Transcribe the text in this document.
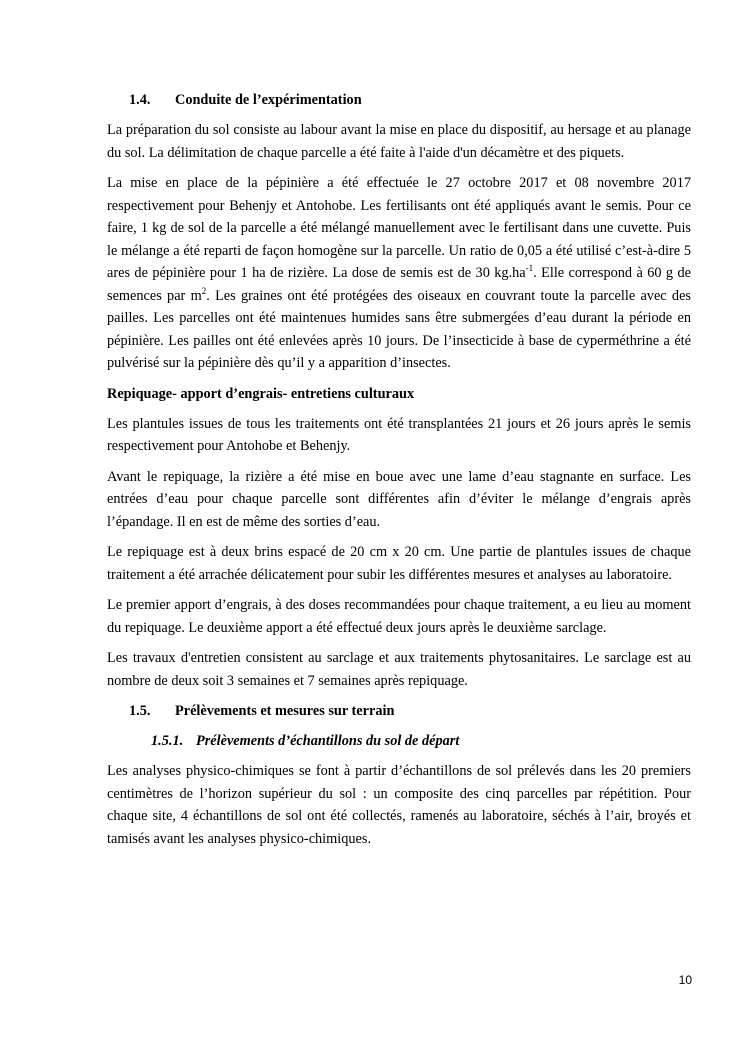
1.4. Conduite de l’expérimentation

La préparation du sol consiste au labour avant la mise en place du dispositif, au hersage et au planage du sol. La délimitation de chaque parcelle a été faite à l'aide d'un décamètre et des piquets.

La mise en place de la pépinière a été effectuée le 27 octobre 2017 et 08 novembre 2017 respectivement pour Behenjy et Antohobe. Les fertilisants ont été appliqués avant le semis. Pour ce faire, 1 kg de sol de la parcelle a été mélangé manuellement avec le fertilisant dans une cuvette. Puis le mélange a été reparti de façon homogène sur la parcelle. Un ratio de 0,05 a été utilisé c’est-à-dire 5 ares de pépinière pour 1 ha de rizière. La dose de semis est de 30 $kg.ha^{-1}$. Elle correspond à 60 g de semences par $m^2$. Les graines ont été protégées des oiseaux en couvrant toute la parcelle avec des pailles. Les parcelles ont été maintenues humides sans être submergées d’eau durant la période en pépinière. Les pailles ont été enlevées après 10 jours. De l’insecticide à base de cyperméthrine a été pulvérisé sur la pépinière dès qu’il y a apparition d’insectes.

Repiquage- apport d’engrais- entretiens culturaux

Les plantules issues de tous les traitements ont été transplantées 21 jours et 26 jours après le semis respectivement pour Antohobe et Behenjy.

Avant le repiquage, la rizière a été mise en boue avec une lame d’eau stagnante en surface. Les entrées d’eau pour chaque parcelle sont différentes afin d’éviter le mélange d’engrais après l’épandage. Il en est de même des sorties d’eau.

Le repiquage est à deux brins espacé de 20 cm x 20 cm. Une partie de plantules issues de chaque traitement a été arrachée délicatement pour subir les différentes mesures et analyses au laboratoire.

Le premier apport d’engrais, à des doses recommandées pour chaque traitement, a eu lieu au moment du repiquage. Le deuxième apport a été effectué deux jours après le deuxième sarclage.

Les travaux d'entretien consistent au sarclage et aux traitements phytosanitaires. Le sarclage est au nombre de deux soit 3 semaines et 7 semaines après repiquage.

1.5. Prélèvements et mesures sur terrain
1.5.1. Prélèvements d’échantillons du sol de départ

Les analyses physico-chimiques se font à partir d’échantillons de sol prélevés dans les 20 premiers centimètres de l’horizon supérieur du sol : un composite des cinq parcelles par répétition. Pour chaque site, 4 échantillons de sol ont été collectés, ramenés au laboratoire, séchés à l’air, broyés et tamisés avant les analyses physico-chimiques.

10
